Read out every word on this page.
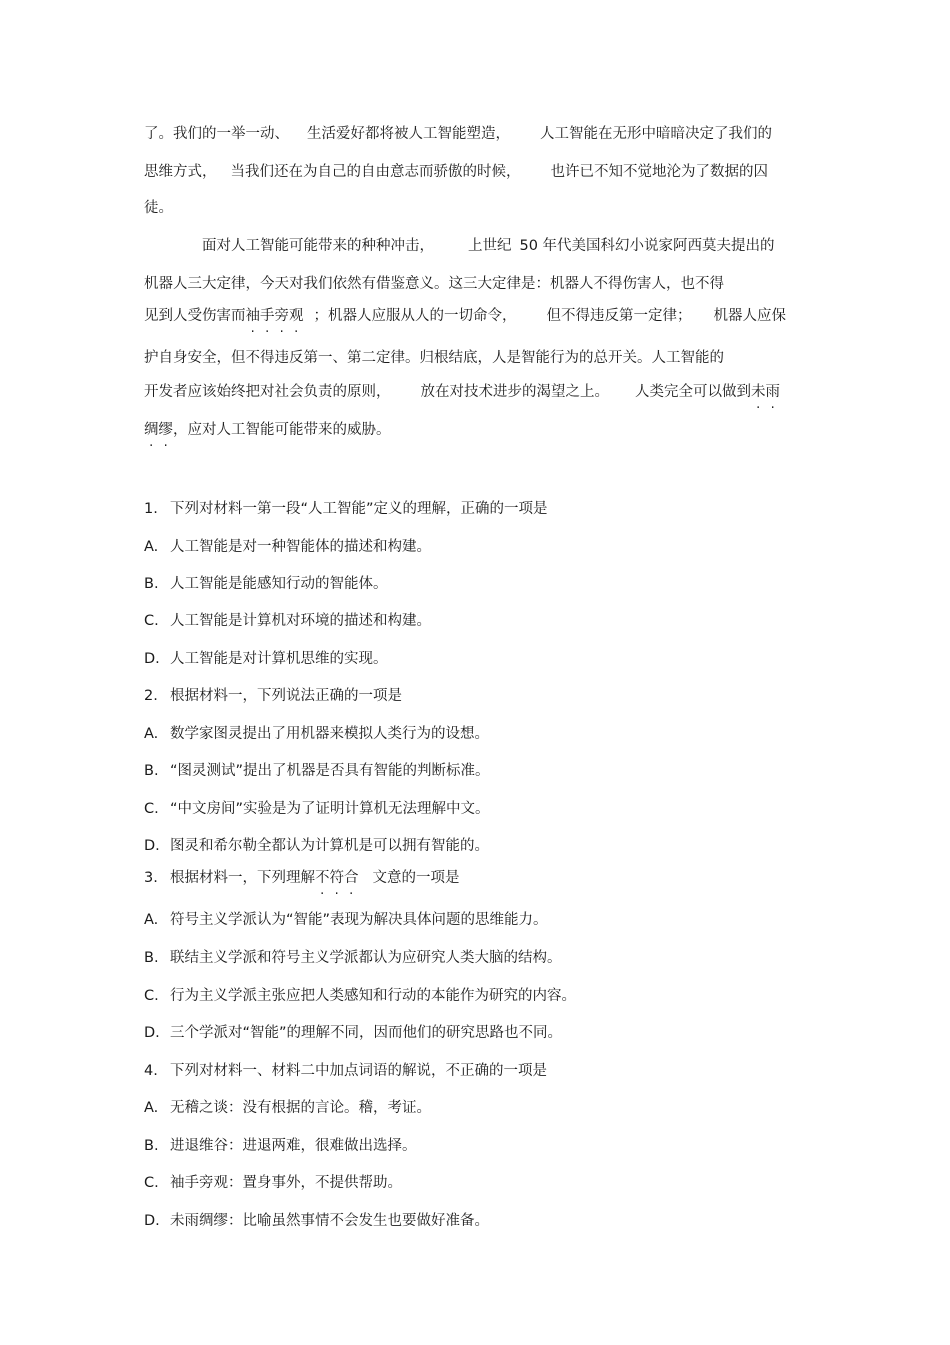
了。我们的一举一动、 生活爱好都将被人工智能塑造， 人工智能在无形中暗暗决定了我们的
思维方式， 当我们还在为自己的自由意志而骄傲的时候， 也许已不知不觉地沦为了数据的囚
徒。
面对人工智能可能带来的种种冲击， 上世纪 50 年代美国科幻小说家阿西莫夫提出的
机器人三大定律，今天对我们依然有借鉴意义。这三大定律是：机器人不得伤害人，也不得
见到人受伤害而袖手旁观 ；机器人应服从人的一切命令， 但不得违反第一定律； 机器人应保
护自身安全，但不得违反第一、第二定律。归根结底，人是智能行为的总开关。人工智能的
开发者应该始终把对社会负责的原则， 放在对技术进步的渴望之上。 人类完全可以做到未雨
绸缪，应对人工智能可能带来的威胁。
1. 下列对材料一第一段“人工智能”定义的理解，正确的一项是
A. 人工智能是对一种智能体的描述和构建。
B. 人工智能是能感知行动的智能体。
C. 人工智能是计算机对环境的描述和构建。
D. 人工智能是对计算机思维的实现。
2. 根据材料一，下列说法正确的一项是
A. 数学家图灵提出了用机器来模拟人类行为的设想。
B. “图灵测试”提出了机器是否具有智能的判断标准。
C. “中文房间”实验是为了证明计算机无法理解中文。
D. 图灵和希尔勒全都认为计算机是可以拥有智能的。
3. 根据材料一，下列理解不符合 文意的一项是
A. 符号主义学派认为“智能”表现为解决具体问题的思维能力。
B. 联结主义学派和符号主义学派都认为应研究人类大脑的结构。
C. 行为主义学派主张应把人类感知和行动的本能作为研究的内容。
D. 三个学派对“智能”的理解不同，因而他们的研究思路也不同。
4. 下列对材料一、材料二中加点词语的解说，不正确的一项是
A. 无稽之谈：没有根据的言论。稽，考证。
B. 进退维谷：进退两难，很难做出选择。
C. 袖手旁观：置身事外，不提供帮助。
D. 未雨绸缪：比喻虽然事情不会发生也要做好准备。
